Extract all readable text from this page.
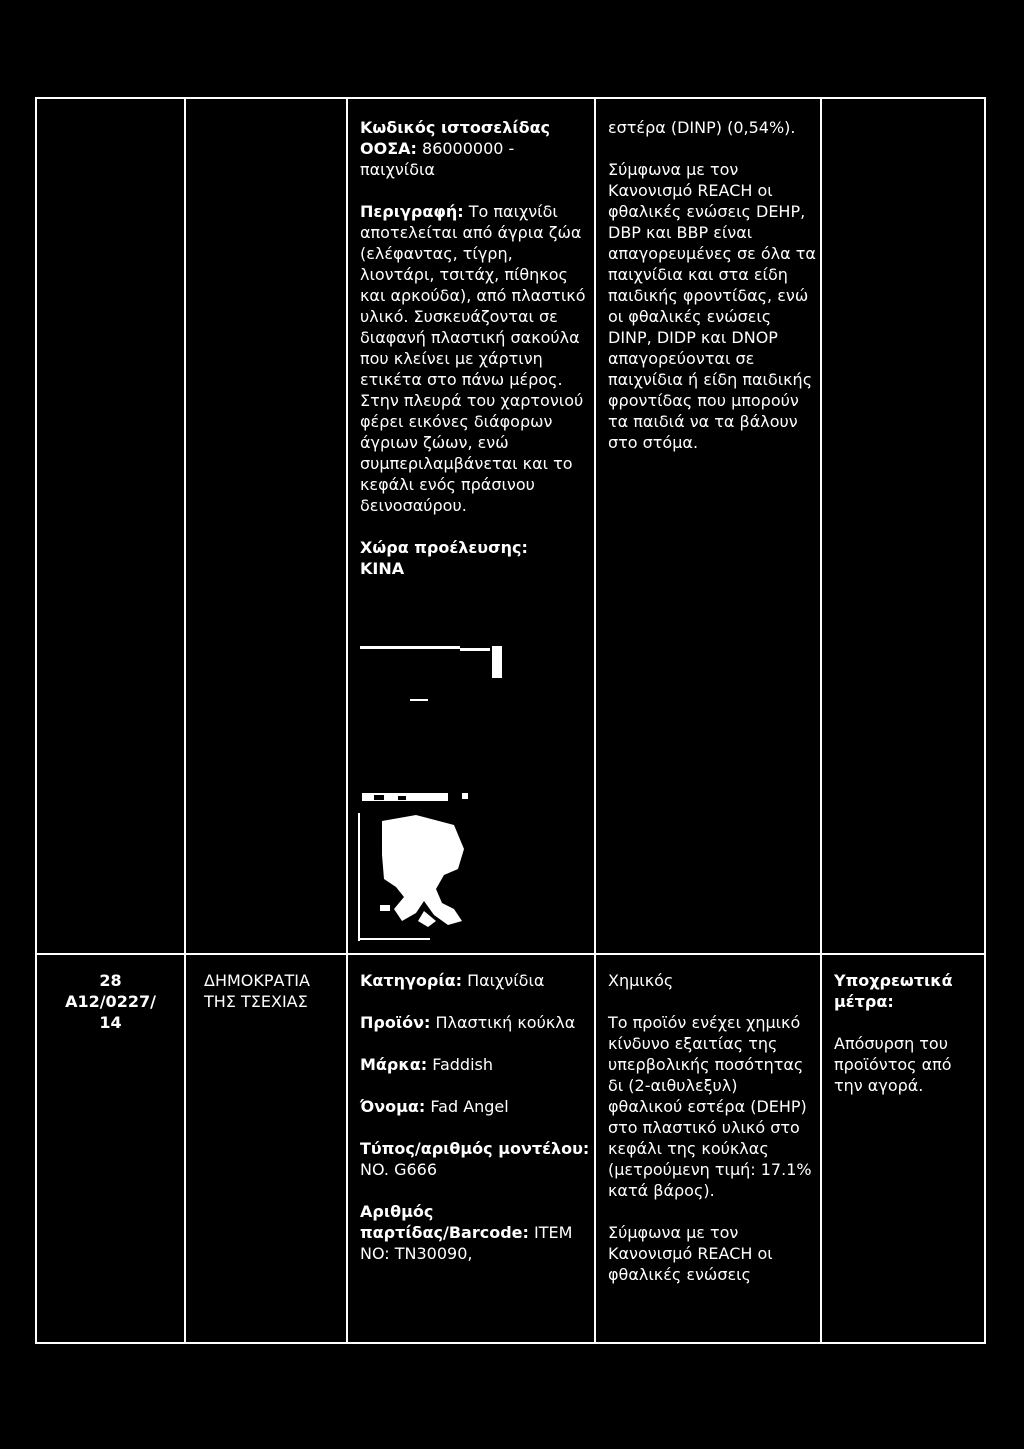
Κωδικός ιστοσελίδας ΟΟΣΑ: 86000000 - παιχνίδια
Περιγραφή: Το παιχνίδι αποτελείται από άγρια ζώα (ελέφαντας, τίγρη, λιοντάρι, τσιτάχ, πίθηκος και αρκούδα), από πλαστικό υλικό. Συσκευάζονται σε διαφανή πλαστική σακούλα που κλείνει με χάρτινη ετικέτα στο πάνω μέρος. Στην πλευρά του χαρτονιού φέρει εικόνες διάφορων άγριων ζώων, ενώ συμπεριλαμβάνεται και το κεφάλι ενός πράσινου δεινοσαύρου.
Χώρα προέλευσης:
ΚΙΝΑ
εστέρα (DINP) (0,54%).
Σύμφωνα με τον Κανονισμό REACH οι φθαλικές ενώσεις DEHP, DBP και BBP είναι απαγορευμένες σε όλα τα παιχνίδια και στα είδη παιδικής φροντίδας, ενώ οι φθαλικές ενώσεις DINP, DIDP και DNOP απαγορεύονται σε παιχνίδια ή είδη παιδικής φροντίδας που μπορούν τα παιδιά να τα βάλουν στο στόμα.
28

A12/0227/ 14
ΔΗΜΟΚΡΑΤΙΑ ΤΗΣ ΤΣΕΧΙΑΣ
Κατηγορία: Παιχνίδια
Προϊόν: Πλαστική κούκλα
Μάρκα: Faddish
Όνομα: Fad Angel
Τύπος/αριθμός μοντέλου: NO. G666
Αριθμός παρτίδας/Barcode: ITEM NO: TN30090,
Χημικός
Το προϊόν ενέχει χημικό κίνδυνο εξαιτίας της υπερβολικής ποσότητας δι (2-αιθυλεξυλ) φθαλικού εστέρα (DEHP) στο πλαστικό υλικό στο κεφάλι της κούκλας (μετρούμενη τιμή: 17.1% κατά βάρος).
Σύμφωνα με τον Κανονισμό REACH οι φθαλικές ενώσεις
Υποχρεωτικά μέτρα:
Απόσυρση του προϊόντος από την αγορά.
